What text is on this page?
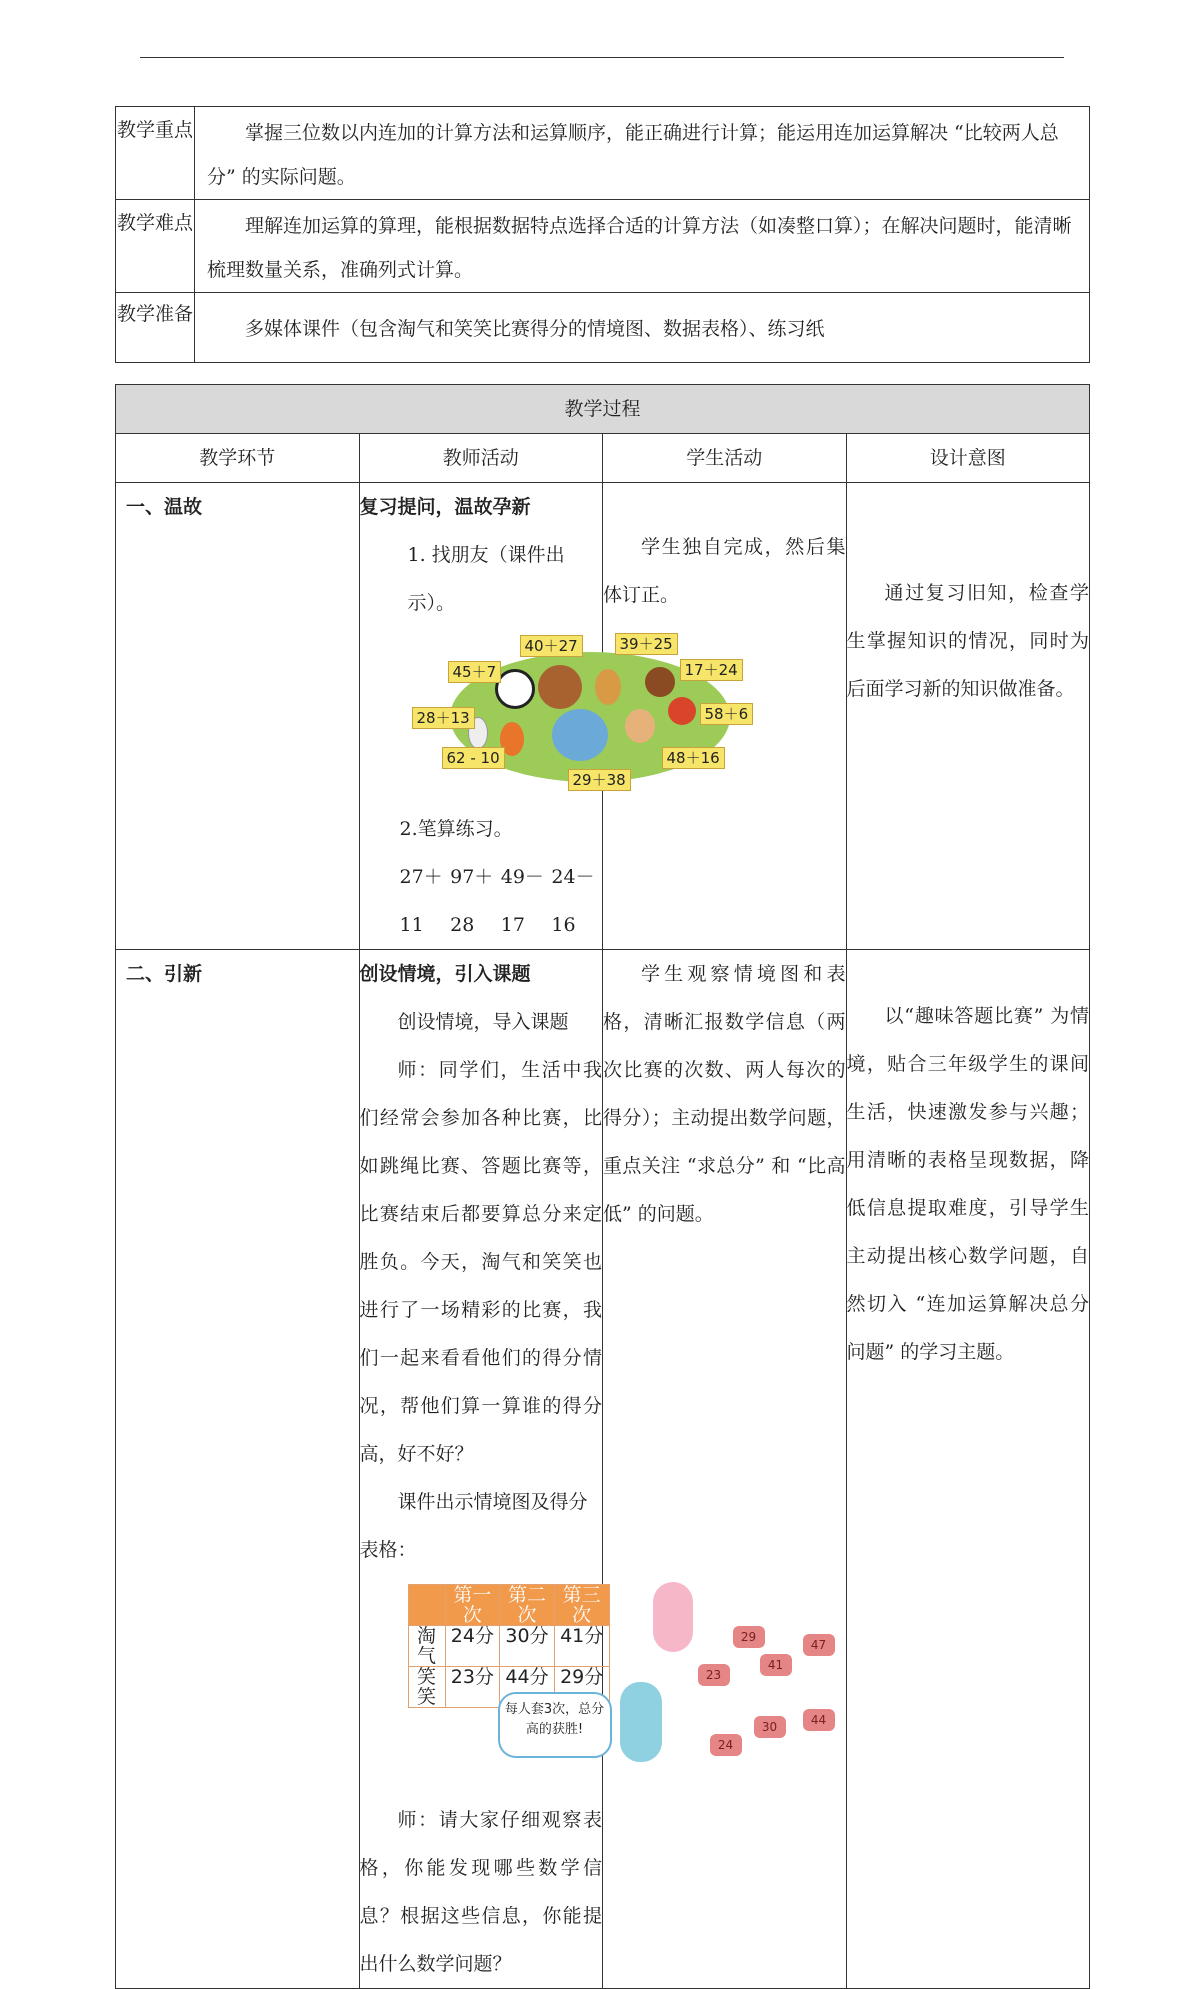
教学重点	掌握三位数以内连加的计算方法和运算顺序，能正确进行计算；能运用连加运算解决 “比较两人总分” 的实际问题。
教学难点	理解连加运算的算理，能根据数据特点选择合适的计算方法（如凑整口算）；在解决问题时，能清晰梳理数量关系，准确列式计算。
教学准备	多媒体课件（包含淘气和笑笑比赛得分的情境图、数据表格）、练习纸
教学过程
教学环节	教师活动	学生活动	设计意图
一、温故	复习提问，温故孕新
1. 找朋友（课件出示）。
40＋27	39＋25
45＋7	17＋24
28＋13	58＋6
62 - 10	48＋16
29＋38
2.笔算练习。
27＋11
97＋28
49－17
24－16
	学生独自完成，然后集体订正。	通过复习旧知，检查学生掌握知识的情况，同时为后面学习新的知识做准备。
二、引新	创设情境，引入课题
创设情境，导入课题
师：同学们，生活中我们经常会参加各种比赛，比如跳绳比赛、答题比赛等，比赛结束后都要算总分来定胜负。今天，淘气和笑笑也进行了一场精彩的比赛，我们一起来看看他们的得分情况，帮他们算一算谁的得分高，好不好？
课件出示情境图及得分表格：
	第一次	第二次	第三次
淘气	24分	30分	41分
笑笑	23分	44分	29分
每人套3次，总分高的获胜!
29
47
23
41
44
24
30
师：请大家仔细观察表格，你能发现哪些数学信息？根据这些信息，你能提出什么数学问题？
	学生观察情境图和表格，清晰汇报数学信息（两次比赛的次数、两人每次的得分）；主动提出数学问题，重点关注 “求总分” 和 “比高低” 的问题。	以“趣味答题比赛” 为情境，贴合三年级学生的课间生活，快速激发参与兴趣；用清晰的表格呈现数据，降低信息提取难度，引导学生主动提出核心数学问题，自然切入 “连加运算解决总分问题” 的学习主题。
